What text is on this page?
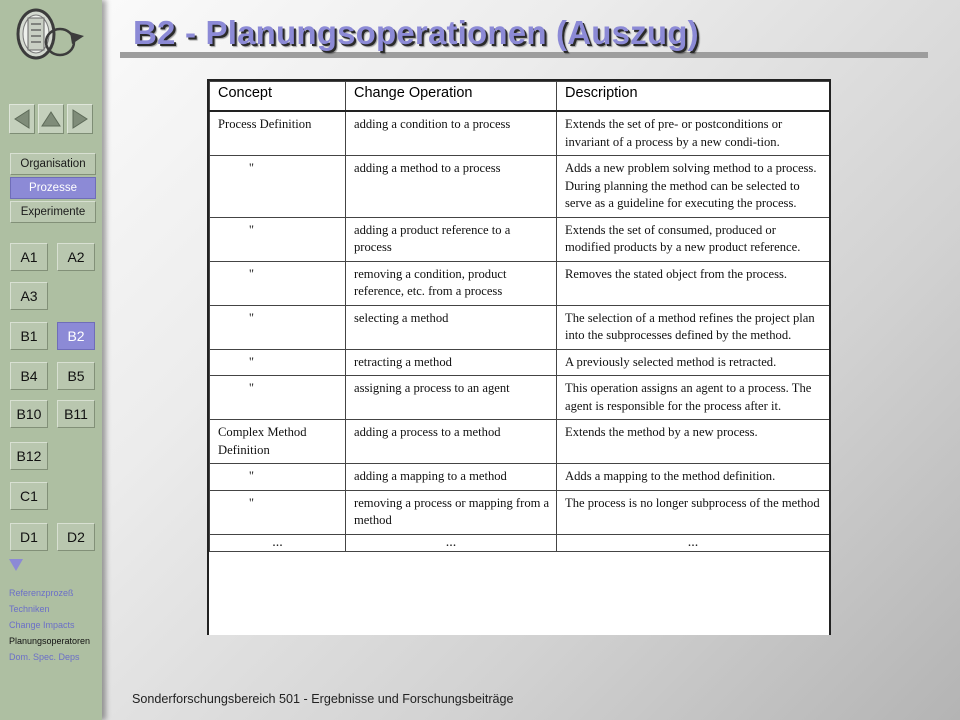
Organisation
Prozesse
Experimente
A1	A2
A3
B1	B2
B4	B5
B10	B11
B12
C1
D1	D2
Referenzprozeß
Techniken
Change Impacts
Planungsoperatoren
Dom. Spec. Deps
B2 - Planungsoperationen (Auszug)
Concept	Change Operation	Description
Process Definition	adding a condition to a process	Extends the set of pre- or postconditions or invariant of a process by a new condi-tion.
"	adding a method to a process	Adds a new problem solving method to a process. During planning the method can be selected to serve as a guideline for executing the process.
"	adding a product reference to a process	Extends the set of consumed, produced or modified products by a new product reference.
"	removing a condition, product reference, etc. from a process	Removes the stated object from the process.
"	selecting a method	The selection of a method refines the project plan into the subprocesses defined by the method.
"	retracting a method	A previously selected method is retracted.
"	assigning a process to an agent	This operation assigns an agent to a process. The agent is responsible for the process after it.
Complex Method Definition	adding a process to a method	Extends the method by a new process.
"	adding a mapping to a method	Adds a mapping to the method definition.
"	removing a process or mapping from a method	The process is no longer subprocess of the method
...	...	...
Sonderforschungsbereich 501 - Ergebnisse und Forschungsbeiträge
